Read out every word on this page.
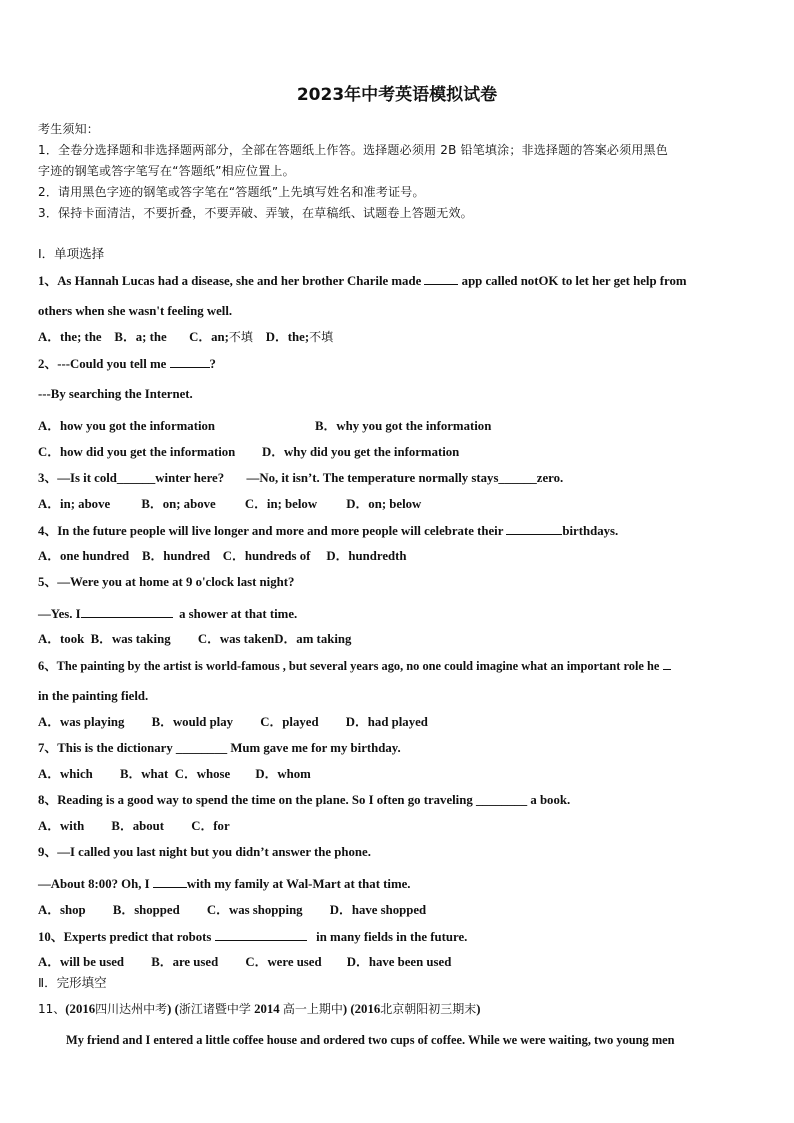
2023年中考英语模拟试卷
考生须知：
1．全卷分选择题和非选择题两部分，全部在答题纸上作答。选择题必须用 2B 铅笔填涂；非选择题的答案必须用黑色
字迹的钢笔或答字笔写在“答题纸”相应位置上。
2．请用黑色字迹的钢笔或答字笔在“答题纸”上先填写姓名和准考证号。
3．保持卡面清洁，不要折叠，不要弄破、弄皱，在草稿纸、试题卷上答题无效。
Ⅰ．单项选择
1、As Hannah Lucas had a disease, she and her brother Charile made	app called notOK to let her get help from
others when she wasn't feeling well.
A．the; the B．a; the C．an;不填 D．the;不填
2、---Could you tell me	?
---By searching the Internet.
A．how you got the information	B．why you got the information
C．how did you get the information D．why did you get the information
3、—Is it cold______winter here?       —No, it isn’t. The temperature normally stays______zero.
A．in; above B．on; above C．in; below D．on; below
4、In the future people will live longer and more and more people will celebrate their	birthdays.
A．one hundred B．hundred C．hundreds of D．hundredth
5、—Were you at home at 9 o'clock last night?
—Yes. I	a shower at that time.
A．took B．was taking C．was takenD．am taking
6、The painting by the artist is world-famous , but several years ago, no one could imagine what an important role he
in the painting field.
A．was playing B．would play C．played D．had played
7、This is the dictionary ________ Mum gave me for my birthday.
A．which B．what C．whose D．whom
8、Reading is a good way to spend the time on the plane. So I often go traveling ________ a book.
A．with B．about C．for
9、—I called you last night but you didn’t answer the phone.
—About 8:00? Oh, I	with my family at Wal-Mart at that time.
A．shop B．shopped C．was shopping D．have shopped
10、Experts predict that robots	in many fields in the future.
A．will be used B．are used C．were used D．have been used
Ⅱ．完形填空
11、(2016四川达州中考) (浙江诸暨中学 2014 高一上期中) (2016北京朝阳初三期末)
My friend and I entered a little coffee house and ordered two cups of coffee. While we were waiting, two young men
